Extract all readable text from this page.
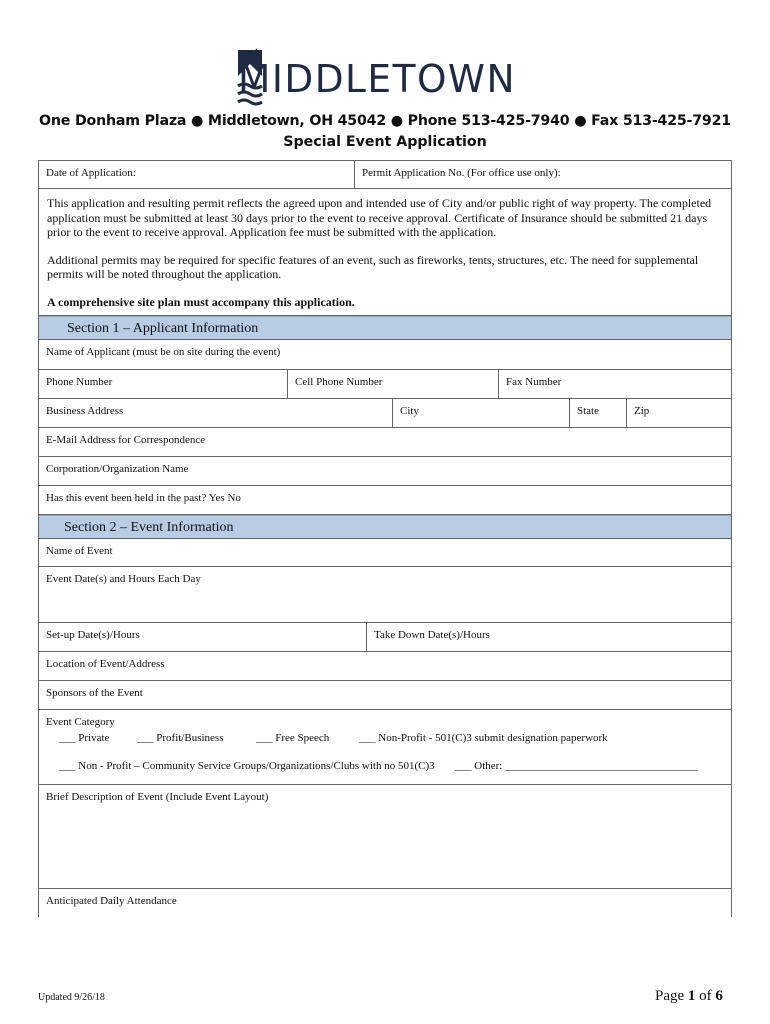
MIDDLETOWN
One Donham Plaza ● Middletown, OH 45042 ● Phone 513-425-7940 ● Fax 513-425-7921
Special Event Application
Date of Application:	Permit Application No. (For office use only):

This application and resulting permit reflects the agreed upon and intended use of City and/or public right of way property. The completed application must be submitted at least 30 days prior to the event to receive approval. Certificate of Insurance should be submitted 21 days prior to the event to receive approval. Application fee must be submitted with the application.

Additional permits may be required for specific features of an event, such as fireworks, tents, structures, etc. The need for supplemental permits will be noted throughout the application.

A comprehensive site plan must accompany this application.

Section 1 – Applicant Information
Name of Applicant (must be on site during the event)
Phone Number	Cell Phone Number	Fax Number
Business Address	City	State	Zip
E-Mail Address for Correspondence
Corporation/Organization Name
Has this event been held in the past? Yes No
Section 2 – Event Information
Name of Event
Event Date(s) and Hours Each Day
Set-up Date(s)/Hours	Take Down Date(s)/Hours
Location of Event/Address
Sponsors of the Event
Event Category
___ Private	___ Profit/Business	___ Free Speech	___ Non-Profit - 501(C)3 submit designation paperwork
___ Non - Profit – Community Service Groups/Organizations/Clubs with no 501(C)3 ___ Other: ___________________________________
Brief Description of Event (Include Event Layout)
Anticipated Daily Attendance
Updated 9/26/18	Page 1 of 6
